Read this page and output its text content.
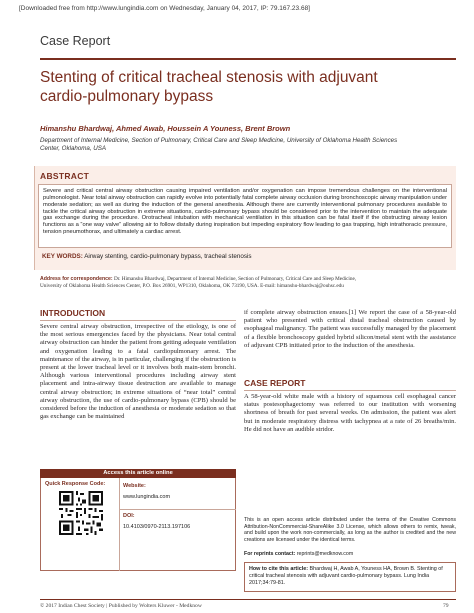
[Downloaded free from http://www.lungindia.com on Wednesday, January 04, 2017, IP: 79.167.23.68]
Case Report
Stenting of critical tracheal stenosis with adjuvant
cardio-pulmonary bypass
Himanshu Bhardwaj, Ahmed Awab, Houssein A Youness, Brent Brown
Department of Internal Medicine, Section of Pulmonary, Critical Care and Sleep Medicine, University of Oklahoma Health Sciences
Center, Oklahoma, USA
ABSTRACT
Severe and critical central airway obstruction causing impaired ventilation and/or oxygenation can impose tremendous challenges on the interventional pulmonologist. Near total airway obstruction can rapidly evolve into potentially fatal complete airway occlusion during bronchoscopic airway manipulation under moderate sedation; as well as during the induction of the general anesthesia. Although there are currently interventional pulmonary procedures available to tackle the critical airway obstruction in extreme situations, cardio-pulmonary bypass should be considered prior to the intervention to maintain the adequate gas exchange during the procedure. Orotracheal intubation with mechanical ventilation in this situation can be fatal itself if the obstructing airway lesion functions as a “one way valve” allowing air to follow distally during inspiration but impeding expiratory flow leading to gas trapping, high intrathoracic pressure, tension pneumothorax, and ultimately a cardiac arrest.
KEY WORDS: Airway stenting, cardio-pulmonary bypass, tracheal stenosis
Address for correspondence: Dr. Himanshu Bhardwaj, Department of Internal Medicine, Section of Pulmonary, Critical Care and Sleep Medicine,
University of Oklahoma Health Sciences Center, P.O. Box 26901, WP1310, Oklahoma, OK 73190, USA. E-mail: himanshu-bhardwaj@ouhsc.edu
INTRODUCTION
Severe central airway obstruction, irrespective of the etiology, is one of the most serious emergencies faced by the physicians. Near total central airway obstruction can hinder the patient from getting adequate ventilation and oxygenation leading to a fatal cardiopulmonary arrest. The maintenance of the airway, is in particular, challenging if the obstruction is present at the lower tracheal level or it involves both main-stem bronchi. Although various interventional procedures including airway stent placement and intra-airway tissue destruction are available to manage central airway obstruction; in extreme situations of “near total” central airway obstruction, the use of cardio-pulmonary bypass (CPB) should be considered before the induction of anesthesia or moderate sedation so that gas exchange can be maintained
if complete airway obstruction ensues.[1] We report the case of a 58-year-old patient who presented with critical distal tracheal obstruction caused by esophageal malignancy. The patient was successfully managed by the placement of a flexible bronchoscopy guided hybrid silicon/metal stent with the assistance of adjuvant CPB initiated prior to the induction of the anesthesia.
CASE REPORT
A 58-year-old white male with a history of squamous cell esophageal cancer status postesophagectomy was referred to our institution with worsening shortness of breath for past several weeks. On admission, the patient was alert but in moderate respiratory distress with tachypnea at a rate of 26 breaths/min. He did not have an audible stridor.
Access this article online
Quick Response Code:	Website:
www.lungindia.com
DOI:
10.4103/0970-2113.197106
This is an open access article distributed under the terms of the Creative Commons Attribution-NonCommercial-ShareAlike 3.0 License, which allows others to remix, tweak, and build upon the work non-commercially, as long as the author is credited and the new creations are licensed under the identical terms.
For reprints contact: reprints@medknow.com
How to cite this article: Bhardwaj H, Awab A, Youness HA, Brown B. Stenting of critical tracheal stenosis with adjuvant cardio-pulmonary bypass. Lung India 2017;34:79-81.
© 2017 Indian Chest Society | Published by Wolters Kluwer - Medknow	79
